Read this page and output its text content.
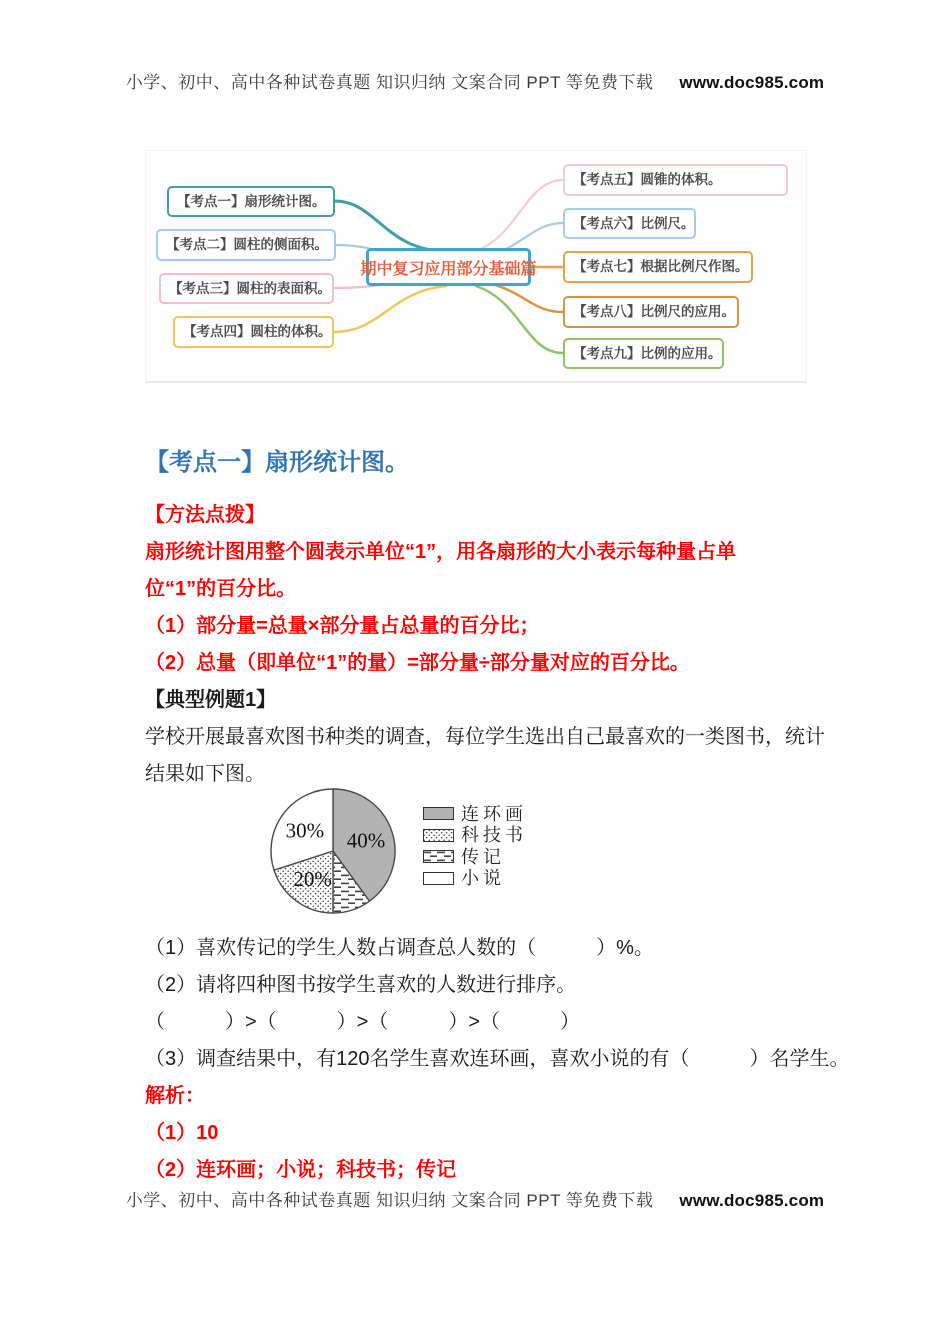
小学、初中、高中各种试卷真题 知识归纳 文案合同 PPT 等免费下载 www.doc985.com
【考点一】扇形统计图。
【考点二】圆柱的侧面积。
【考点三】圆柱的表面积。
【考点四】圆柱的体积。
【考点五】圆锥的体积。
【考点六】比例尺。
【考点七】根据比例尺作图。
【考点八】比例尺的应用。
【考点九】比例的应用。
期中复习应用部分基础篇
【考点一】扇形统计图。
【方法点拨】
扇形统计图用整个圆表示单位“1”，用各扇形的大小表示每种量占单
位“1”的百分比。
（1）部分量=总量×部分量占总量的百分比；
（2）总量（即单位“1”的量）=部分量÷部分量对应的百分比。
【典型例题1】
学校开展最喜欢图书种类的调查，每位学生选出自己最喜欢的一类图书，统计
结果如下图。
40%
20%
30%
连环画
科技书
传记
小说
（1）喜欢传记的学生人数占调查总人数的（　　　）%。
（2）请将四种图书按学生喜欢的人数进行排序。
（　　　）>（　　　）>（　　　）>（　　　）
（3）调查结果中，有120名学生喜欢连环画，喜欢小说的有（　　　）名学生。
解析：
（1）10
（2）连环画；小说；科技书；传记
小学、初中、高中各种试卷真题 知识归纳 文案合同 PPT 等免费下载 www.doc985.com
